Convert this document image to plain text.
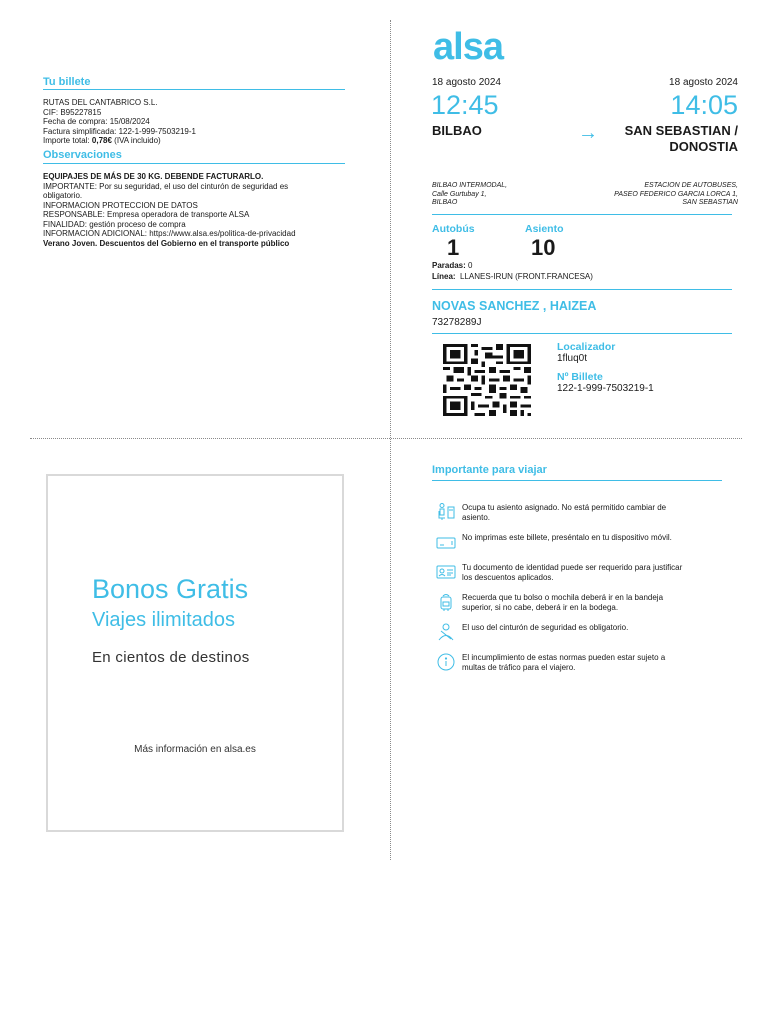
Tu billete
RUTAS DEL CANTABRICO S.L.
CIF: B95227815
Fecha de compra: 15/08/2024
Factura simplificada: 122-1-999-7503219-1
Importe total: 0,78€ (IVA incluido)
Observaciones
EQUIPAJES DE MÁS DE 30 KG. DEBENDE FACTURARLO.
IMPORTANTE: Por su seguridad, el uso del cinturón de seguridad es
obligatorio.
INFORMACION PROTECCION DE DATOS
RESPONSABLE: Empresa operadora de transporte ALSA
FINALIDAD: gestión proceso de compra
INFORMACION ADICIONAL: https://www.alsa.es/politica-de-privacidad
Verano Joven. Descuentos del Gobierno en el transporte público
alsa
18 agosto 2024	18 agosto 2024
12:45	14:05
BILBAO	→	SAN SEBASTIAN /
DONOSTIA
BILBAO INTERMODAL,
Calle Gurtubay 1,
BILBAO
ESTACION DE AUTOBUSES,
PASEO FEDERICO GARCIA LORCA 1,
SAN SEBASTIAN
Autobús
1
Asiento
10
Paradas: 0
Línea: LLANES-IRUN (FRONT.FRANCESA)
NOVAS SANCHEZ , HAIZEA
73278289J
Localizador
1fluq0t
Nº Billete
122-1-999-7503219-1
Bonos Gratis
Viajes ilimitados
En cientos de destinos
Más información en alsa.es
Importante para viajar
Ocupa tu asiento asignado. No está permitido cambiar de
asiento.
No imprimas este billete, preséntalo en tu dispositivo móvil.
Tu documento de identidad puede ser requerido para justificar
los descuentos aplicados.
Recuerda que tu bolso o mochila deberá ir en la bandeja
superior, si no cabe, deberá ir en la bodega.
El uso del cinturón de seguridad es obligatorio.
El incumplimiento de estas normas pueden estar sujeto a
multas de tráfico para el viajero.
